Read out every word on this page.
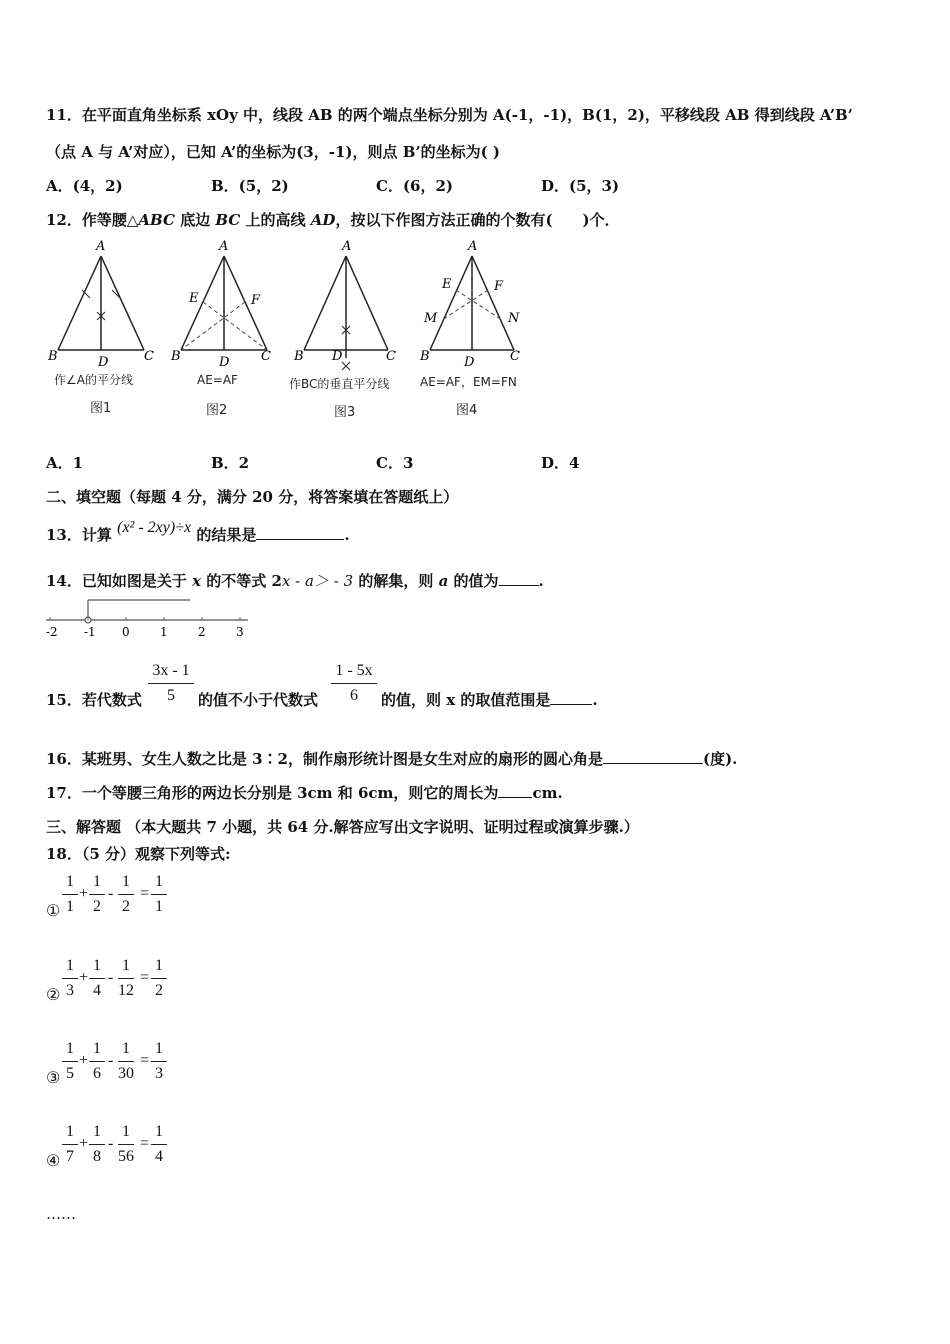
11．在平面直角坐标系 xOy 中，线段 AB 的两个端点坐标分别为 A(-1，-1)，B(1，2)，平移线段 AB 得到线段 A’B’
（点 A 与 A’对应），已知 A’的坐标为(3，-1)，则点 B’的坐标为( )
A．(4，2)	B．(5，2)	C．(6，2)	D．(5，3)
12．作等腰△ABC 底边 BC 上的高线 AD，按以下作图方法正确的个数有(　　)个．
A
B	D	C
作∠A的平分线
图1
A
E	F
B	D C
AE=AF
图2
A
B D	C
作BC的垂直平分线
图3
A
E	F
M	N
B	D	C
AE=AF，EM=FN
图4
A．1	B．2	C．3	D．4
二、填空题（每题 4 分，满分 20 分，将答案填在答题纸上）
13．计算 (x² - 2xy)÷x 的结果是	.
14．已知如图是关于 x 的不等式 2x - a＞ - 3 的解集，则 a 的值为	.
-2 -1 0	1	2	3
15．若代数式
3x - 1
5	的值不小于代数式
1 - 5x
6	的值，则 x 的取值范围是	.
16．某班男、女生人数之比是 3∶2，制作扇形统计图是女生对应的扇形的圆心角是	(度).
17．一个等腰三角形的两边长分别是 3cm 和 6cm，则它的周长为 cm.
三、解答题 （本大题共 7 小题，共 64 分.解答应写出文字说明、证明过程或演算步骤.）
18．（5 分）观察下列等式:
①
1
1
1
2
1
2
1
1
+ - =
②
1
3
1
4
1
12
1
2
+ - =
③
1
5
1
6
1
30
1
3
+ - =
④
1
7
1
8
1
56
1
4
+ - =
……
